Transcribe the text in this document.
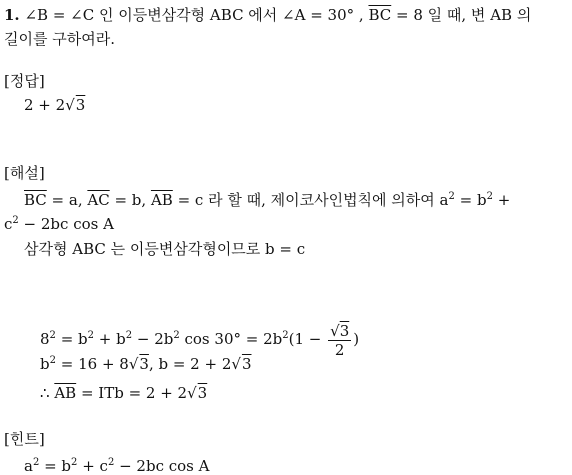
1. ∠B = ∠C 인 이등변삼각형 ABC 에서 ∠A = 30° , $\overline{BC} = 8$ 일 때, 변 AB 의
길이를 구하여라.
[정답]
2 + 2√3
[해설]
$\overline{BC} = a$, $\overline{AC} = b$, $\overline{AB} = c$ 라 할 때, 제이코사인법칙에 의하여 $a^2 = b^2$ +
$c^2 - 2bc$ cos A
삼각형 ABC 는 이등변삼각형이므로 b = c
$8^2 = b^2 + b^2 - 2b^2$ $\cos 30^\circ = 2b^2(1 - \frac{√3}{2}$ )
$b^2 = 16 + 8√3$, b = 2 + 2√3
∴ $\overline{AB}$ = ITb = 2 + 2√3
[힌트]
$a^2 = b^2 + c^2 - 2bc$ cos A
